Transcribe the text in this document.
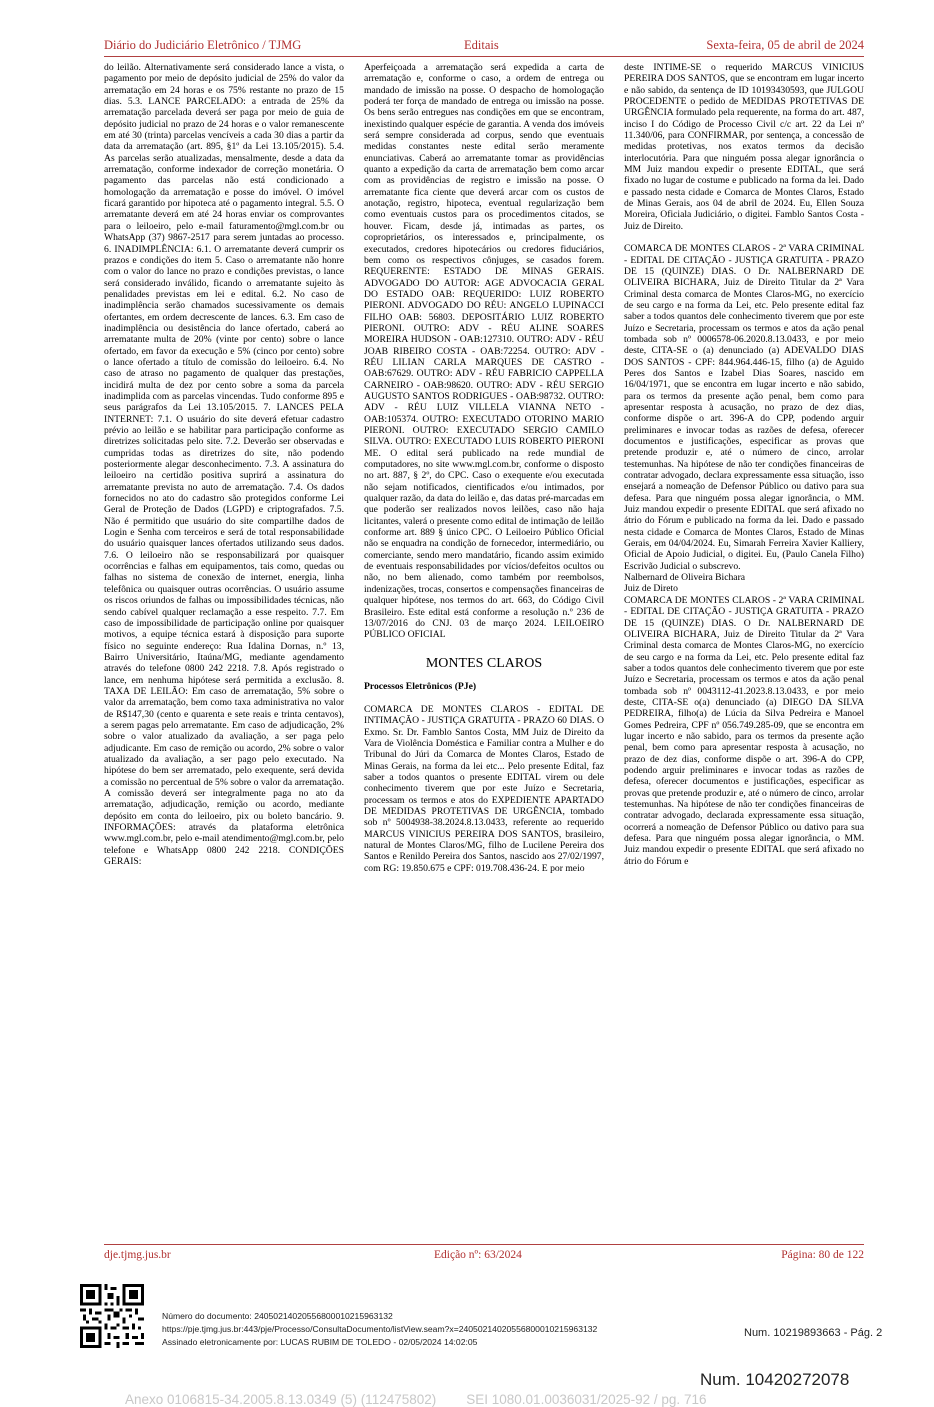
Diário do Judiciário Eletrônico / TJMG	Editais	Sexta-feira, 05 de abril de 2024

do leilão. Alternativamente será considerado lance a vista, o pagamento por meio de depósito judicial de 25% do valor da arrematação em 24 horas e os 75% restante no prazo de 15 dias. 5.3. LANCE PARCELADO: a entrada de 25% da arrematação parcelada deverá ser paga por meio de guia de depósito judicial no prazo de 24 horas e o valor remanescente em até 30 (trinta) parcelas vencíveis a cada 30 dias a partir da data da arrematação (art. 895, §1º da Lei 13.105/2015). 5.4. As parcelas serão atualizadas, mensalmente, desde a data da arrematação, conforme indexador de correção monetária. O pagamento das parcelas não está condicionado a homologação da arrematação e posse do imóvel. O imóvel ficará garantido por hipoteca até o pagamento integral. 5.5. O arrematante deverá em até 24 horas enviar os comprovantes para o leiloeiro, pelo e-mail faturamento@mgl.com.br ou WhatsApp (37) 9867-2517 para serem juntadas ao processo. 6. INADIMPLÊNCIA: 6.1. O arrematante deverá cumprir os prazos e condições do item 5. Caso o arrematante não honre com o valor do lance no prazo e condições previstas, o lance será considerado inválido, ficando o arrematante sujeito às penalidades previstas em lei e edital. 6.2. No caso de inadimplência serão chamados sucessivamente os demais ofertantes, em ordem decrescente de lances. 6.3. Em caso de inadimplência ou desistência do lance ofertado, caberá ao arrematante multa de 20% (vinte por cento) sobre o lance ofertado, em favor da execução e 5% (cinco por cento) sobre o lance ofertado a título de comissão do leiloeiro. 6.4. No caso de atraso no pagamento de qualquer das prestações, incidirá multa de dez por cento sobre a soma da parcela inadimplida com as parcelas vincendas. Tudo conforme 895 e seus parágrafos da Lei 13.105/2015. 7. LANCES PELA INTERNET: 7.1. O usuário do site deverá efetuar cadastro prévio ao leilão e se habilitar para participação conforme as diretrizes solicitadas pelo site. 7.2. Deverão ser observadas e cumpridas todas as diretrizes do site, não podendo posteriormente alegar desconhecimento. 7.3. A assinatura do leiloeiro na certidão positiva suprirá a assinatura do arrematante prevista no auto de arrematação. 7.4. Os dados fornecidos no ato do cadastro são protegidos conforme Lei Geral de Proteção de Dados (LGPD) e criptografados. 7.5. Não é permitido que usuário do site compartilhe dados de Login e Senha com terceiros e será de total responsabilidade do usuário quaisquer lances ofertados utilizando seus dados. 7.6. O leiloeiro não se responsabilizará por quaisquer ocorrências e falhas em equipamentos, tais como, quedas ou falhas no sistema de conexão de internet, energia, linha telefônica ou quaisquer outras ocorrências. O usuário assume os riscos oriundos de falhas ou impossibilidades técnicas, não sendo cabível qualquer reclamação a esse respeito. 7.7. Em caso de impossibilidade de participação online por quaisquer motivos, a equipe técnica estará à disposição para suporte físico no seguinte endereço: Rua Idalina Dornas, n.º 13, Bairro Universitário, Itaúna/MG, mediante agendamento através do telefone 0800 242 2218. 7.8. Após registrado o lance, em nenhuma hipótese será permitida a exclusão. 8. TAXA DE LEILÃO: Em caso de arrematação, 5% sobre o valor da arrematação, bem como taxa administrativa no valor de R$147,30 (cento e quarenta e sete reais e trinta centavos), a serem pagas pelo arrematante. Em caso de adjudicação, 2% sobre o valor atualizado da avaliação, a ser paga pelo adjudicante. Em caso de remição ou acordo, 2% sobre o valor atualizado da avaliação, a ser pago pelo executado. Na hipótese do bem ser arrematado, pelo exequente, será devida a comissão no percentual de 5% sobre o valor da arrematação. A comissão deverá ser integralmente paga no ato da arrematação, adjudicação, remição ou acordo, mediante depósito em conta do leiloeiro, pix ou boleto bancário. 9. INFORMAÇÕES: através da plataforma eletrônica www.mgl.com.br, pelo e-mail atendimento@mgl.com.br, pelo telefone e WhatsApp 0800 242 2218. CONDIÇÕES GERAIS:

Aperfeiçoada a arrematação será expedida a carta de arrematação e, conforme o caso, a ordem de entrega ou mandado de imissão na posse. O despacho de homologação poderá ter força de mandado de entrega ou imissão na posse. Os bens serão entregues nas condições em que se encontram, inexistindo qualquer espécie de garantia. A venda dos imóveis será sempre considerada ad corpus, sendo que eventuais medidas constantes neste edital serão meramente enunciativas. Caberá ao arrematante tomar as providências quanto a expedição da carta de arrematação bem como arcar com as providências de registro e imissão na posse. O arrematante fica ciente que deverá arcar com os custos de anotação, registro, hipoteca, eventual regularização bem como eventuais custos para os procedimentos citados, se houver. Ficam, desde já, intimadas as partes, os coproprietários, os interessados e, principalmente, os executados, credores hipotecários ou credores fiduciários, bem como os respectivos cônjuges, se casados forem. REQUERENTE: ESTADO DE MINAS GERAIS. ADVOGADO DO AUTOR: AGE ADVOCACIA GERAL DO ESTADO OAB: REQUERIDO: LUIZ ROBERTO PIERONI. ADVOGADO DO RÉU: ANGELO LUPINACCI FILHO OAB: 56803. DEPOSITÁRIO LUIZ ROBERTO PIERONI. OUTRO: ADV - RÉU ALINE SOARES MOREIRA HUDSON - OAB:127310. OUTRO: ADV - RÉU JOAB RIBEIRO COSTA - OAB:72254. OUTRO: ADV - RÉU LILIAN CARLA MARQUES DE CASTRO - OAB:67629. OUTRO: ADV - RÉU FABRICIO CAPPELLA CARNEIRO - OAB:98620. OUTRO: ADV - RÉU SERGIO AUGUSTO SANTOS RODRIGUES - OAB:98732. OUTRO: ADV - RÉU LUIZ VILLELA VIANNA NETO - OAB:105374. OUTRO: EXECUTADO OTORINO MARIO PIERONI. OUTRO: EXECUTADO SERGIO CAMILO SILVA. OUTRO: EXECUTADO LUIS ROBERTO PIERONI ME. O edital será publicado na rede mundial de computadores, no site www.mgl.com.br, conforme o disposto no art. 887, § 2º, do CPC. Caso o exequente e/ou executada não sejam notificados, cientificados e/ou intimados, por qualquer razão, da data do leilão e, das datas pré-marcadas em que poderão ser realizados novos leilões, caso não haja licitantes, valerá o presente como edital de intimação de leilão conforme art. 889 § único CPC. O Leiloeiro Público Oficial não se enquadra na condição de fornecedor, intermediário, ou comerciante, sendo mero mandatário, ficando assim eximido de eventuais responsabilidades por vícios/defeitos ocultos ou não, no bem alienado, como também por reembolsos, indenizações, trocas, consertos e compensações financeiras de qualquer hipótese, nos termos do art. 663, do Código Civil Brasileiro. Este edital está conforme a resolução n.º 236 de 13/07/2016 do CNJ. 03 de março 2024. LEILOEIRO PÚBLICO OFICIAL

MONTES CLAROS
Processos Eletrônicos (PJe)

COMARCA DE MONTES CLAROS - EDITAL DE INTIMAÇÃO - JUSTIÇA GRATUITA - PRAZO 60 DIAS. O Exmo. Sr. Dr. Famblo Santos Costa, MM Juiz de Direito da Vara de Violência Doméstica e Familiar contra a Mulher e do Tribunal do Júri da Comarca de Montes Claros, Estado de Minas Gerais, na forma da lei etc... Pelo presente Edital, faz saber a todos quantos o presente EDITAL virem ou dele conhecimento tiverem que por este Juízo e Secretaria, processam os termos e atos do EXPEDIENTE APARTADO DE MEDIDAS PROTETIVAS DE URGÊNCIA, tombado sob nº 5004938-38.2024.8.13.0433, referente ao requerido MARCUS VINICIUS PEREIRA DOS SANTOS, brasileiro, natural de Montes Claros/MG, filho de Lucilene Pereira dos Santos e Renildo Pereira dos Santos, nascido aos 27/02/1997, com RG: 19.850.675 e CPF: 019.708.436-24. E por meio

deste INTIME-SE o requerido MARCUS VINICIUS PEREIRA DOS SANTOS, que se encontram em lugar incerto e não sabido, da sentença de ID 10193430593, que JULGOU PROCEDENTE o pedido de MEDIDAS PROTETIVAS DE URGÊNCIA formulado pela requerente, na forma do art. 487, inciso I do Código de Processo Civil c/c art. 22 da Lei nº 11.340/06, para CONFIRMAR, por sentença, a concessão de medidas protetivas, nos exatos termos da decisão interlocutória. Para que ninguém possa alegar ignorância o MM Juiz mandou expedir o presente EDITAL, que será fixado no lugar de costume e publicado na forma da lei. Dado e passado nesta cidade e Comarca de Montes Claros, Estado de Minas Gerais, aos 04 de abril de 2024. Eu, Ellen Souza Moreira, Oficiala Judiciário, o digitei. Famblo Santos Costa - Juiz de Direito.

COMARCA DE MONTES CLAROS - 2ª VARA CRIMINAL - EDITAL DE CITAÇÃO - JUSTIÇA GRATUITA - PRAZO DE 15 (QUINZE) DIAS. O Dr. NALBERNARD DE OLIVEIRA BICHARA, Juiz de Direito Titular da 2ª Vara Criminal desta comarca de Montes Claros-MG, no exercício de seu cargo e na forma da Lei, etc. Pelo presente edital faz saber a todos quantos dele conhecimento tiverem que por este Juízo e Secretaria, processam os termos e atos da ação penal tombada sob nº 0006578-06.2020.8.13.0433, e por meio deste, CITA-SE o (a) denunciado (a) ADEVALDO DIAS DOS SANTOS - CPF: 844.964.446-15, filho (a) de Aguido Peres dos Santos e Izabel Dias Soares, nascido em 16/04/1971, que se encontra em lugar incerto e não sabido, para os termos da presente ação penal, bem como para apresentar resposta à acusação, no prazo de dez dias, conforme dispõe o art. 396-A do CPP, podendo arguir preliminares e invocar todas as razões de defesa, oferecer documentos e justificações, especificar as provas que pretende produzir e, até o número de cinco, arrolar testemunhas. Na hipótese de não ter condições financeiras de contratar advogado, declara expressamente essa situação, isso ensejará a nomeação de Defensor Público ou dativo para sua defesa. Para que ninguém possa alegar ignorância, o MM. Juiz mandou expedir o presente EDITAL que será afixado no átrio do Fórum e publicado na forma da lei. Dado e passado nesta cidade e Comarca de Montes Claros, Estado de Minas Gerais, em 04/04/2024. Eu, Simarah Ferreira Xavier Kalliery, Oficial de Apoio Judicial, o digitei. Eu, (Paulo Canela Filho) Escrivão Judicial o subscrevo.

Nalbernard de Oliveira Bichara
Juiz de Direto

COMARCA DE MONTES CLAROS - 2ª VARA CRIMINAL - EDITAL DE CITAÇÃO - JUSTIÇA GRATUITA - PRAZO DE 15 (QUINZE) DIAS. O Dr. NALBERNARD DE OLIVEIRA BICHARA, Juiz de Direito Titular da 2ª Vara Criminal desta comarca de Montes Claros-MG, no exercício de seu cargo e na forma da Lei, etc. Pelo presente edital faz saber a todos quantos dele conhecimento tiverem que por este Juízo e Secretaria, processam os termos e atos da ação penal tombada sob nº 0043112-41.2023.8.13.0433, e por meio deste, CITA-SE o(a) denunciado (a) DIEGO DA SILVA PEDREIRA, filho(a) de Lúcia da Silva Pedreira e Manoel Gomes Pedreira, CPF nº 056.749.285-09, que se encontra em lugar incerto e não sabido, para os termos da presente ação penal, bem como para apresentar resposta à acusação, no prazo de dez dias, conforme dispõe o art. 396-A do CPP, podendo arguir preliminares e invocar todas as razões de defesa, oferecer documentos e justificações, especificar as provas que pretende produzir e, até o número de cinco, arrolar testemunhas. Na hipótese de não ter condições financeiras de contratar advogado, declarada expressamente essa situação, ocorrerá a nomeação de Defensor Público ou dativo para sua defesa. Para que ninguém possa alegar ignorância, o MM. Juiz mandou expedir o presente EDITAL que será afixado no átrio do Fórum e

dje.tjmg.jus.br	Edição nº: 63/2024	Página: 80 de 122
Número do documento: 24050214020556800010215963132
https://pje.tjmg.jus.br:443/pje/Processo/ConsultaDocumento/listView.seam?x=24050214020556800010215963132
Assinado eletronicamente por: LUCAS RUBIM DE TOLEDO - 02/05/2024 14:02:05
Num. 10219893663 - Pág. 2
Num. 10420272078
Anexo 0106815-34.2005.8.13.0349 (5) (112475802)        SEI 1080.01.0036031/2025-92 / pg. 716
